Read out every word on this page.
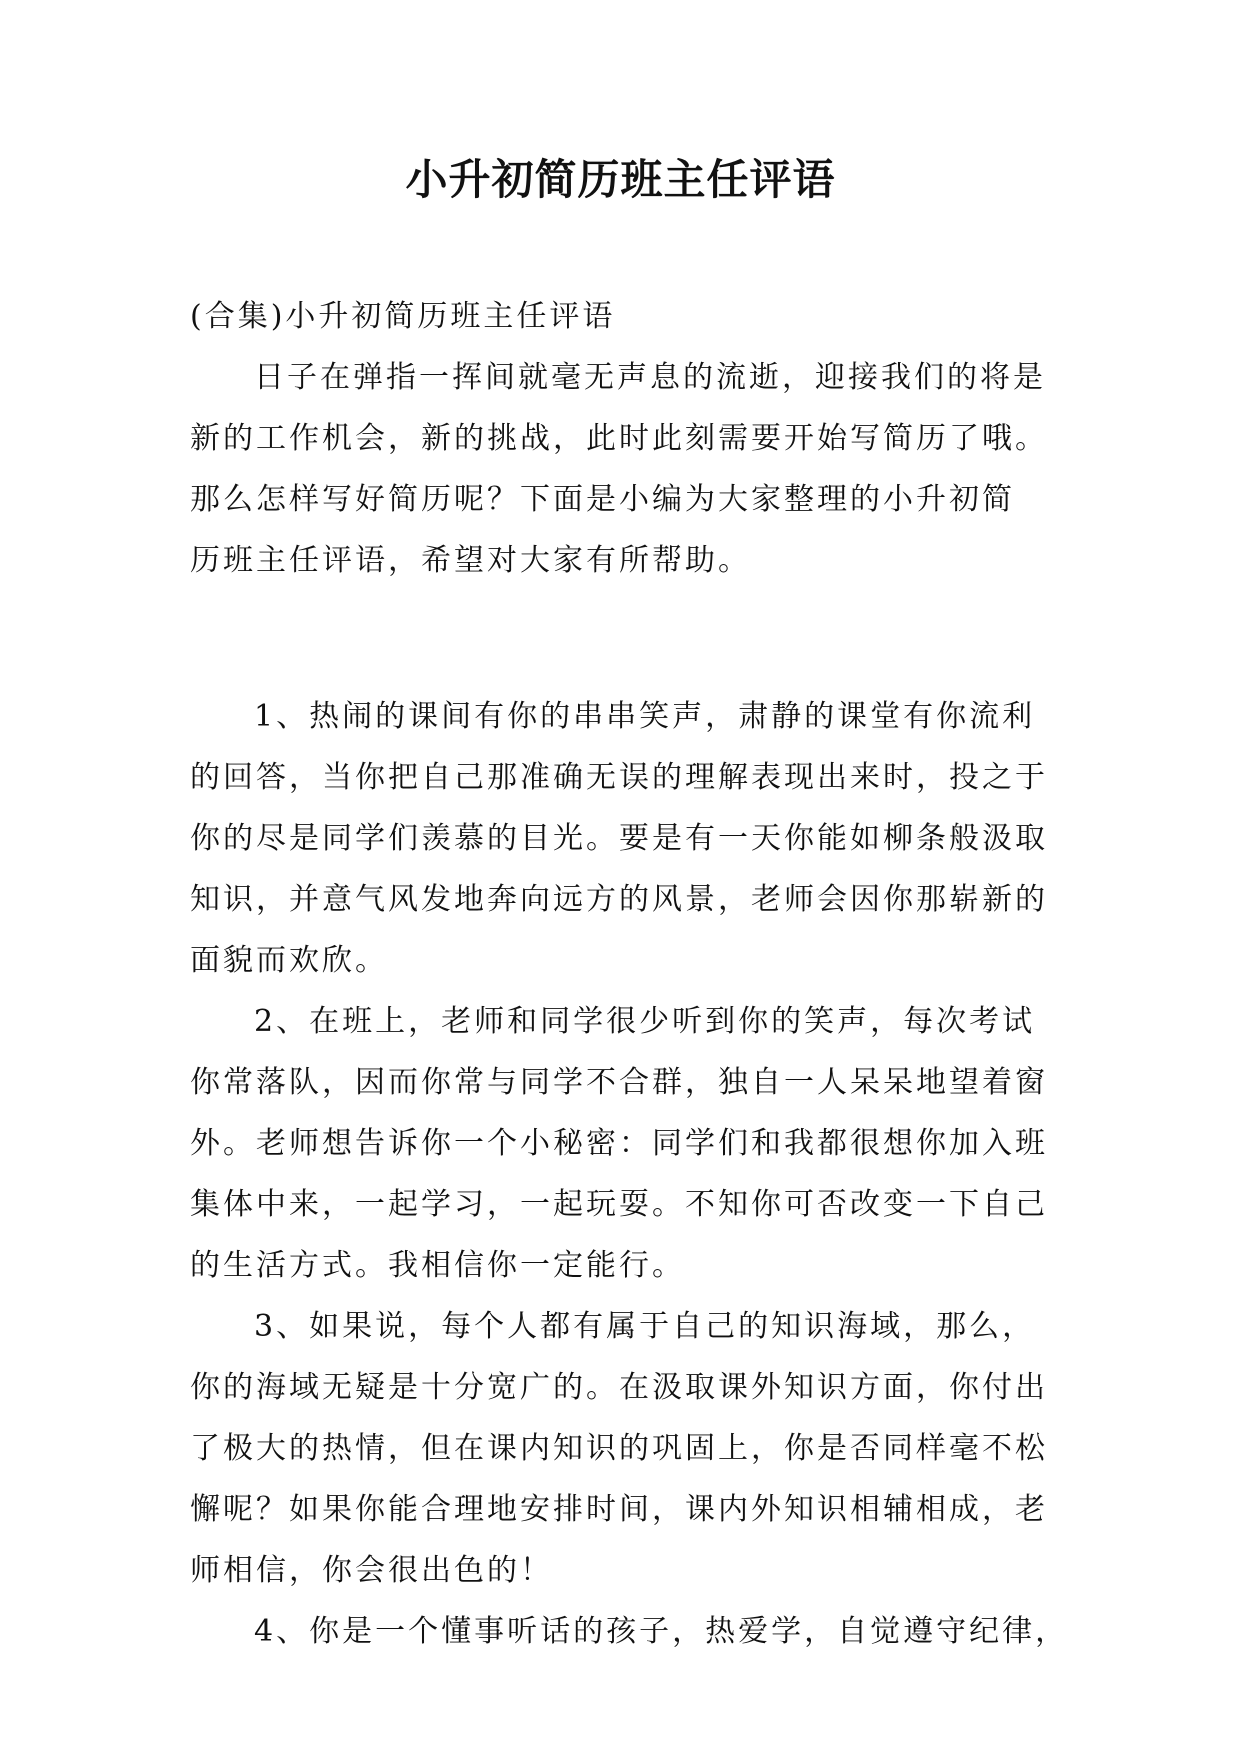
小升初简历班主任评语
(合集)小升初简历班主任评语
日子在弹指一挥间就毫无声息的流逝，迎接我们的将是
新的工作机会，新的挑战，此时此刻需要开始写简历了哦。
那么怎样写好简历呢？下面是小编为大家整理的小升初简
历班主任评语，希望对大家有所帮助。
1、热闹的课间有你的串串笑声，肃静的课堂有你流利
的回答，当你把自己那准确无误的理解表现出来时，投之于
你的尽是同学们羡慕的目光。要是有一天你能如柳条般汲取
知识，并意气风发地奔向远方的风景，老师会因你那崭新的
面貌而欢欣。
2、在班上，老师和同学很少听到你的笑声，每次考试
你常落队，因而你常与同学不合群，独自一人呆呆地望着窗
外。老师想告诉你一个小秘密：同学们和我都很想你加入班
集体中来，一起学习，一起玩耍。不知你可否改变一下自己
的生活方式。我相信你一定能行。
3、如果说，每个人都有属于自己的知识海域，那么，
你的海域无疑是十分宽广的。在汲取课外知识方面，你付出
了极大的热情，但在课内知识的巩固上，你是否同样毫不松
懈呢？如果你能合理地安排时间，课内外知识相辅相成，老
师相信，你会很出色的！
4、你是一个懂事听话的孩子，热爱学，自觉遵守纪律，
